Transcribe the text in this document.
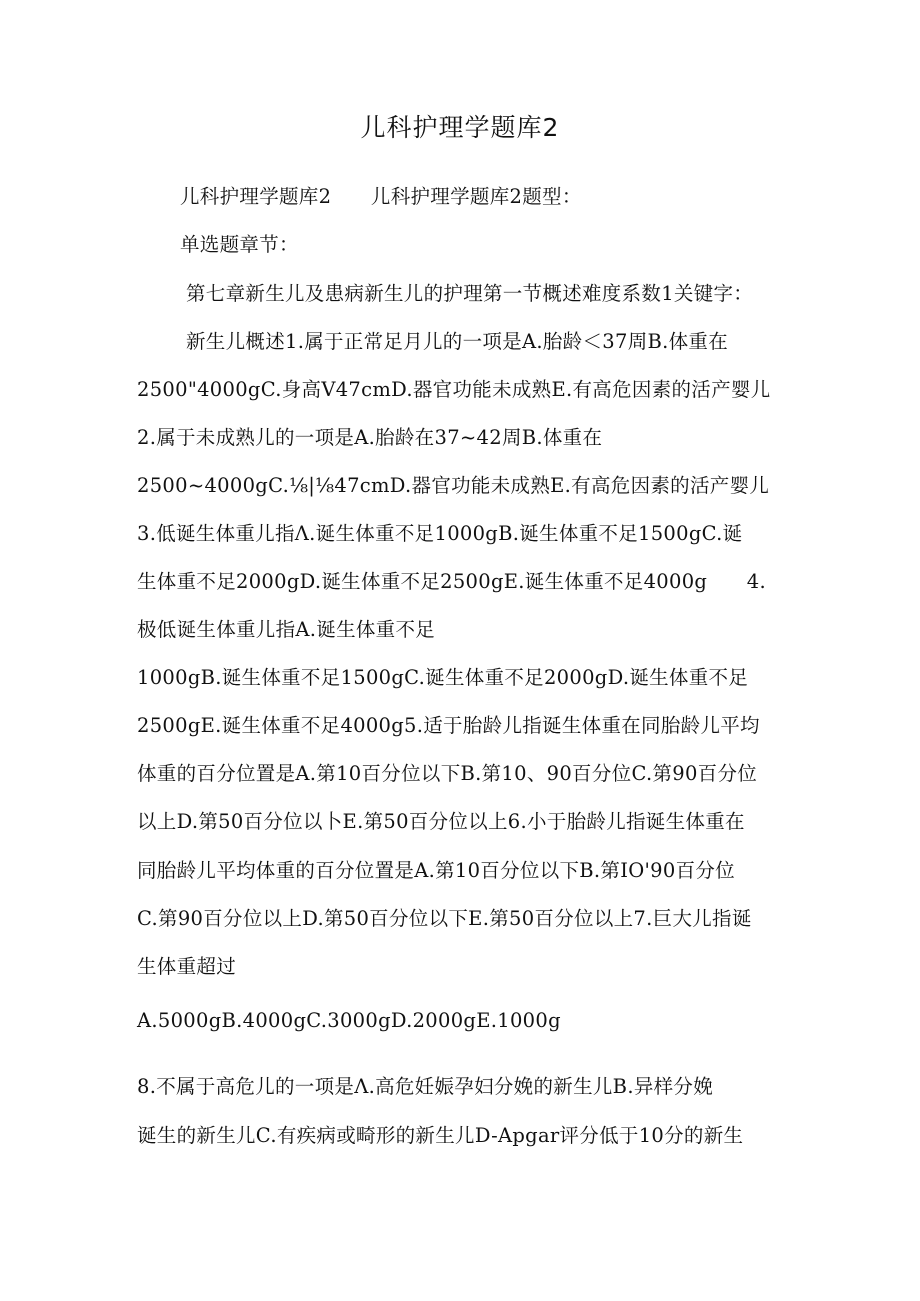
儿科护理学题库2
儿科护理学题库2　　儿科护理学题库2题型：
单选题章节：
第七章新生儿及患病新生儿的护理第一节概述难度系数1关键字：
新生儿概述1.属于正常足月儿的一项是A.胎龄＜37周B.体重在
2500"4000gC.身高V47cmD.器官功能未成熟E.有高危因素的活产婴儿
2.属于未成熟儿的一项是A.胎龄在37~42周B.体重在
2500~4000gC.⅛|⅛47cmD.器官功能未成熟E.有高危因素的活产婴儿
3.低诞生体重儿指Λ.诞生体重不足1000gB.诞生体重不足1500gC.诞
生体重不足2000gD.诞生体重不足2500gE.诞生体重不足4000g　　4.
极低诞生体重儿指A.诞生体重不足
1000gB.诞生体重不足1500gC.诞生体重不足2000gD.诞生体重不足
2500gE.诞生体重不足4000g5.适于胎龄儿指诞生体重在同胎龄儿平均
体重的百分位置是A.第10百分位以下B.第10、90百分位C.第90百分位
以上D.第50百分位以卜E.第50百分位以上6.小于胎龄儿指诞生体重在
同胎龄儿平均体重的百分位置是A.第10百分位以下B.第IO'90百分位
C.第90百分位以上D.第50百分位以下E.第50百分位以上7.巨大儿指诞
生体重超过
A.5000gB.4000gC.3000gD.2000gE.1000g
8.不属于高危儿的一项是Λ.高危妊娠孕妇分娩的新生儿B.异样分娩
诞生的新生儿C.有疾病或畸形的新生儿D-Apgar评分低于10分的新生
